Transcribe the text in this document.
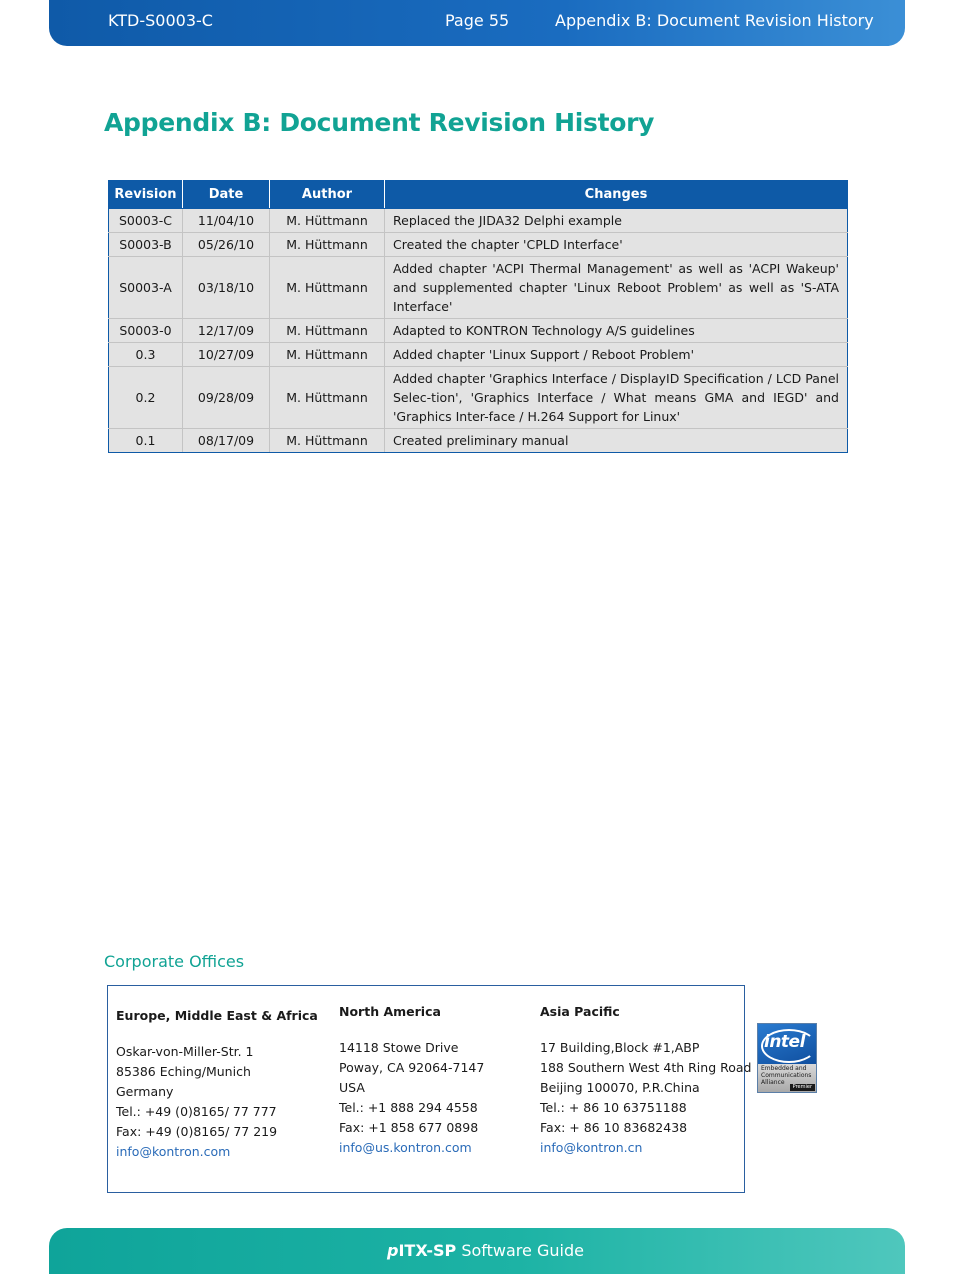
KTD-S0003-C	Page 55	Appendix B: Document Revision History
Appendix B: Document Revision History
Revision	Date	Author	Changes
S0003-C	11/04/10	M. Hüttmann	Replaced the JIDA32 Delphi example
S0003-B	05/26/10	M. Hüttmann	Created the chapter 'CPLD Interface'
S0003-A	03/18/10	M. Hüttmann	Added chapter 'ACPI Thermal Management' as well as 'ACPI Wakeup' and supplemented chapter 'Linux Reboot Problem' as well as 'S-ATA Interface'
S0003-0	12/17/09	M. Hüttmann	Adapted to KONTRON Technology A/S guidelines
0.3	10/27/09	M. Hüttmann	Added chapter 'Linux Support / Reboot Problem'
0.2	09/28/09	M. Hüttmann	Added chapter 'Graphics Interface / DisplayID Specification / LCD Panel Selec-tion', 'Graphics Interface / What means GMA and IEGD' and 'Graphics Inter-face / H.264 Support for Linux'
0.1	08/17/09	M. Hüttmann	Created preliminary manual
Corporate Offices
Europe, Middle East & Africa
Oskar-von-Miller-Str. 1
85386 Eching/Munich
Germany
Tel.: +49 (0)8165/ 77 777
Fax: +49 (0)8165/ 77 219
info@kontron.com
North America
14118 Stowe Drive
Poway, CA 92064-7147
USA
Tel.: +1 888 294 4558
Fax: +1 858 677 0898
info@us.kontron.com
Asia Pacific
17 Building,Block #1,ABP
188 Southern West 4th Ring Road
Beijing 100070, P.R.China
Tel.: + 86 10 63751188
Fax: + 86 10 83682438
info@kontron.cn
intel
Embedded and Communications Alliance
Premier
pITX-SP Software Guide
